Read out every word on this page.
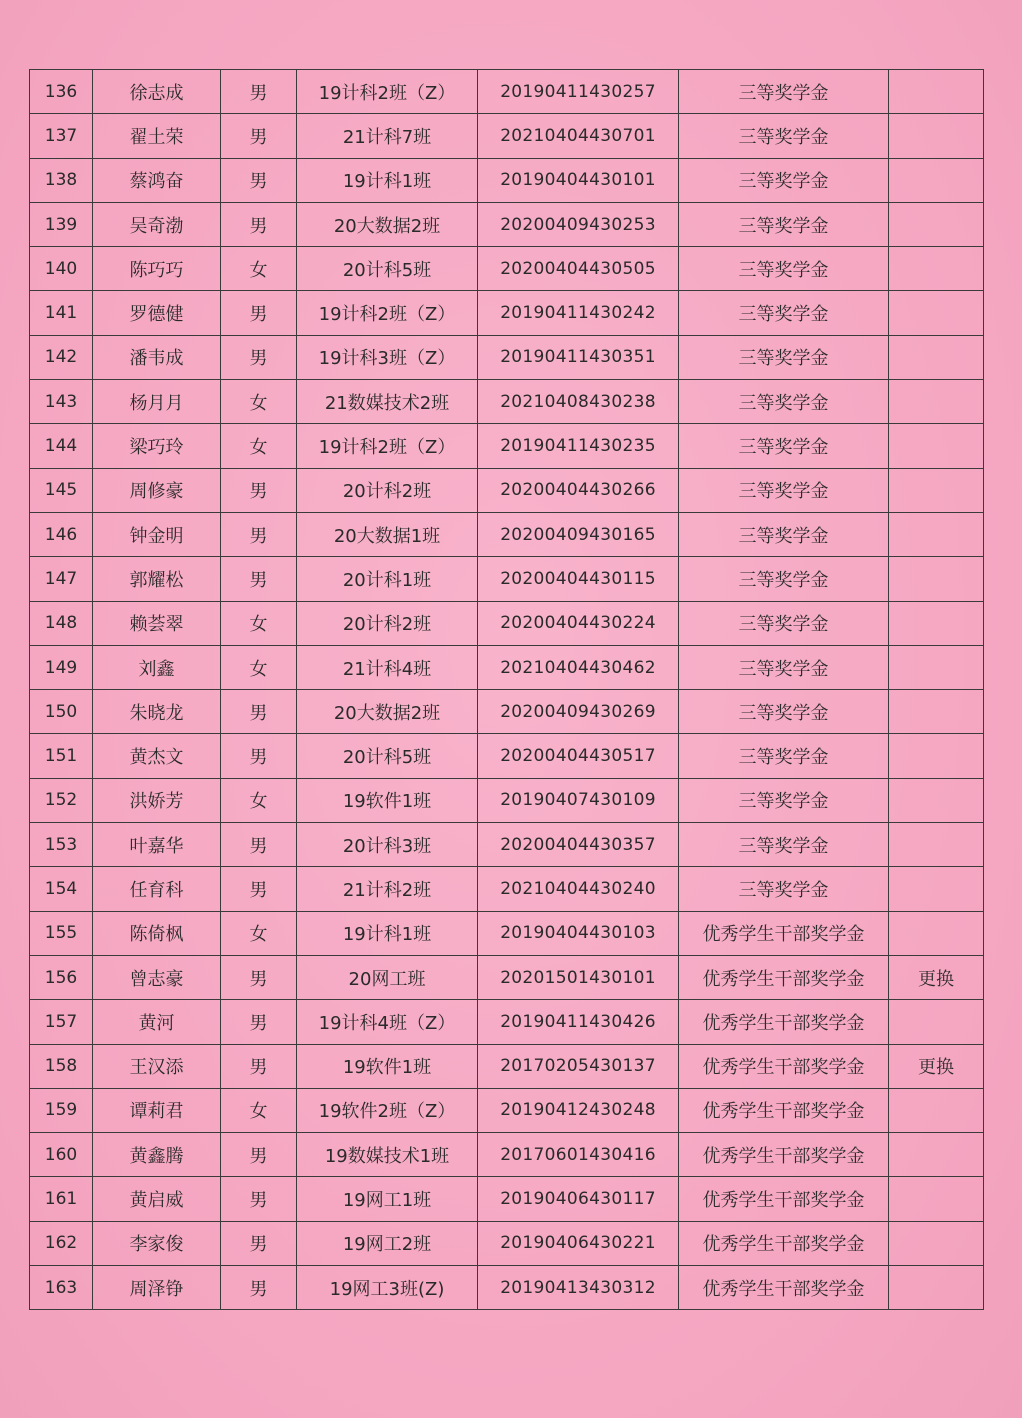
136	徐志成	男	19计科2班（Z）	20190411430257	三等奖学金	
137	翟土荣	男	21计科7班	20210404430701	三等奖学金	
138	蔡鸿奋	男	19计科1班	20190404430101	三等奖学金	
139	吴奇渤	男	20大数据2班	20200409430253	三等奖学金	
140	陈巧巧	女	20计科5班	20200404430505	三等奖学金	
141	罗德健	男	19计科2班（Z）	20190411430242	三等奖学金	
142	潘韦成	男	19计科3班（Z）	20190411430351	三等奖学金	
143	杨月月	女	21数媒技术2班	20210408430238	三等奖学金	
144	梁巧玲	女	19计科2班（Z）	20190411430235	三等奖学金	
145	周修豪	男	20计科2班	20200404430266	三等奖学金	
146	钟金明	男	20大数据1班	20200409430165	三等奖学金	
147	郭耀松	男	20计科1班	20200404430115	三等奖学金	
148	赖荟翠	女	20计科2班	20200404430224	三等奖学金	
149	刘鑫	女	21计科4班	20210404430462	三等奖学金	
150	朱晓龙	男	20大数据2班	20200409430269	三等奖学金	
151	黄杰文	男	20计科5班	20200404430517	三等奖学金	
152	洪娇芳	女	19软件1班	20190407430109	三等奖学金	
153	叶嘉华	男	20计科3班	20200404430357	三等奖学金	
154	任育科	男	21计科2班	20210404430240	三等奖学金	
155	陈倚枫	女	19计科1班	20190404430103	优秀学生干部奖学金	
156	曾志豪	男	20网工班	20201501430101	优秀学生干部奖学金	更换
157	黄河	男	19计科4班（Z）	20190411430426	优秀学生干部奖学金	
158	王汉添	男	19软件1班	20170205430137	优秀学生干部奖学金	更换
159	谭莉君	女	19软件2班（Z）	20190412430248	优秀学生干部奖学金	
160	黄鑫腾	男	19数媒技术1班	20170601430416	优秀学生干部奖学金	
161	黄启威	男	19网工1班	20190406430117	优秀学生干部奖学金	
162	李家俊	男	19网工2班	20190406430221	优秀学生干部奖学金	
163	周泽铮	男	19网工3班(Z)	20190413430312	优秀学生干部奖学金	
